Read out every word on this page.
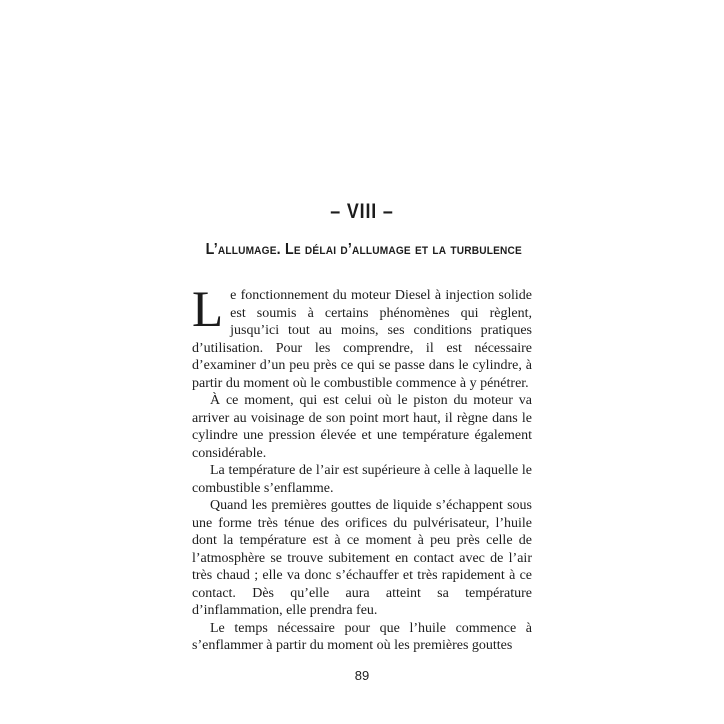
– VIII –
L’allumage. Le délai d’allumage et la turbulence

Le fonctionnement du moteur Diesel à injection solide est soumis à certains phénomènes qui règlent, jusqu’ici tout au moins, ses conditions pratiques d’utilisation. Pour les comprendre, il est nécessaire d’examiner d’un peu près ce qui se passe dans le cylindre, à partir du moment où le combustible commence à y pénétrer.

À ce moment, qui est celui où le piston du moteur va arriver au voisinage de son point mort haut, il règne dans le cylindre une pression élevée et une température également considérable.

La température de l’air est supérieure à celle à laquelle le combustible s’enflamme.

Quand les premières gouttes de liquide s’échappent sous une forme très ténue des orifices du pulvérisateur, l’huile dont la température est à ce moment à peu près celle de l’atmosphère se trouve subitement en contact avec de l’air très chaud ; elle va donc s’échauffer et très rapidement à ce contact. Dès qu’elle aura atteint sa température d’inflammation, elle prendra feu.

Le temps nécessaire pour que l’huile commence à s’enflammer à partir du moment où les premières gouttes

89
